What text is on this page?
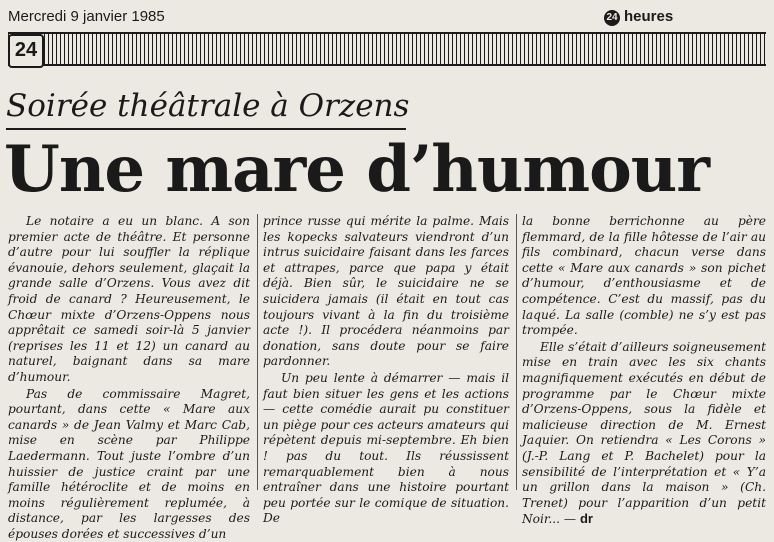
Mercredi 9 janvier 1985	24 heures
24
Soirée théâtrale à Orzens
Une mare d’humour

Le notaire a eu un blanc. A son premier acte de théâtre. Et personne d’autre pour lui souffler la réplique évanouie, dehors seulement, glaçait la grande salle d’Orzens. Vous avez dit froid de canard ? Heureusement, le Chœur mixte d’Orzens-Oppens nous apprêtait ce samedi soir-là 5 janvier (reprises les 11 et 12) un canard au naturel, baignant dans sa mare d’humour.

Pas de commissaire Magret, pourtant, dans cette « Mare aux canards » de Jean Valmy et Marc Cab, mise en scène par Philippe Laedermann. Tout juste l’ombre d’un huissier de justice craint par une famille hétéroclite et de moins en moins régulièrement replumée, à distance, par les largesses des épouses dorées et successives d’un

prince russe qui mérite la palme. Mais les kopecks salvateurs viendront d’un intrus suicidaire faisant dans les farces et attrapes, parce que papa y était déjà. Bien sûr, le suicidaire ne se suicidera jamais (il était en tout cas toujours vivant à la fin du troisième acte !). Il procédera néanmoins par donation, sans doute pour se faire pardonner.

Un peu lente à démarrer — mais il faut bien situer les gens et les actions — cette comédie aurait pu constituer un piège pour ces acteurs amateurs qui répètent depuis mi-septembre. Eh bien ! pas du tout. Ils réussissent remarquablement bien à nous entraîner dans une histoire pourtant peu portée sur le comique de situation. De

la bonne berrichonne au père flemmard, de la fille hôtesse de l’air au fils combinard, chacun verse dans cette « Mare aux canards » son pichet d’humour, d’enthousiasme et de compétence. C’est du massif, pas du laqué. La salle (comble) ne s’y est pas trompée.

Elle s’était d’ailleurs soigneusement mise en train avec les six chants magnifiquement exécutés en début de programme par le Chœur mixte d’Orzens-Oppens, sous la fidèle et malicieuse direction de M. Ernest Jaquier. On retiendra « Les Corons » (J.-P. Lang et P. Bachelet) pour la sensibilité de l’interprétation et « Y’a un grillon dans la maison » (Ch. Trenet) pour l’apparition d’un petit Noir... — dr
